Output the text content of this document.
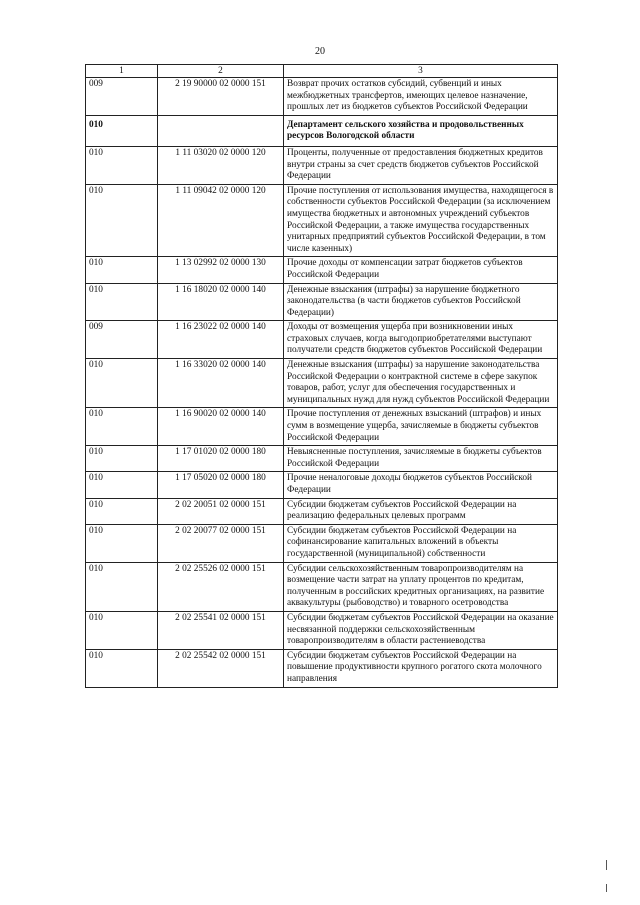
20
1	2	3
009	2 19 90000 02 0000 151	Возврат прочих остатков субсидий, субвенций и иных межбюджетных трансфертов, имеющих целевое назначение, прошлых лет из бюджетов субъектов Российской Федерации
010		Департамент сельского хозяйства и продовольственных ресурсов Вологодской области
010	1 11 03020 02 0000 120	Проценты, полученные от предоставления бюджетных кредитов внутри страны за счет средств бюджетов субъектов Российской Федерации
010	1 11 09042 02 0000 120	Прочие поступления от использования имущества, находящегося в собственности субъектов Российской Федерации (за исключением имущества бюджетных и автономных учреждений субъектов Российской Федерации, а также имущества государственных унитарных предприятий субъектов Российской Федерации, в том числе казенных)
010	1 13 02992 02 0000 130	Прочие доходы от компенсации затрат бюджетов субъектов Российской Федерации
010	1 16 18020 02 0000 140	Денежные взыскания (штрафы) за нарушение бюджетного законодательства (в части бюджетов субъектов Российской Федерации)
009	1 16 23022 02 0000 140	Доходы от возмещения ущерба при возникновении иных страховых случаев, когда выгодоприобретателями выступают получатели средств бюджетов субъектов Российской Федерации
010	1 16 33020 02 0000 140	Денежные взыскания (штрафы) за нарушение законодательства Российской Федерации о контрактной системе в сфере закупок товаров, работ, услуг для обеспечения государственных и муниципальных нужд для нужд субъектов Российской Федерации
010	1 16 90020 02 0000 140	Прочие поступления от денежных взысканий (штрафов) и иных сумм в возмещение ущерба, зачисляемые в бюджеты субъектов Российской Федерации
010	1 17 01020 02 0000 180	Невыясненные поступления, зачисляемые в бюджеты субъектов Российской Федерации
010	1 17 05020 02 0000 180	Прочие неналоговые доходы бюджетов субъектов Российской Федерации
010	2 02 20051 02 0000 151	Субсидии бюджетам субъектов Российской Федерации на реализацию федеральных целевых программ
010	2 02 20077 02 0000 151	Субсидии бюджетам субъектов Российской Федерации на софинансирование капитальных вложений в объекты государственной (муниципальной) собственности
010	2 02 25526 02 0000 151	Субсидии сельскохозяйственным товаропроизводителям на возмещение части затрат на уплату процентов по кредитам, полученным в российских кредитных организациях, на развитие аквакультуры (рыбоводство) и товарного осетроводства
010	2 02 25541 02 0000 151	Субсидии бюджетам субъектов Российской Федерации на оказание несвязанной поддержки сельскохозяйственным товаропроизводителям в области растениеводства
010	2 02 25542 02 0000 151	Субсидии бюджетам субъектов Российской Федерации на повышение продуктивности крупного рогатого скота молочного направления
